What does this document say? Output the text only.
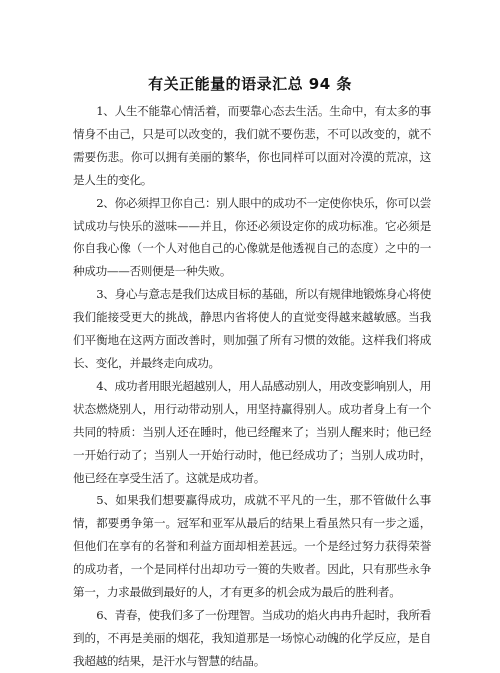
有关正能量的语录汇总 94 条

1、人生不能靠心情活着，而要靠心态去生活。生命中，有太多的事情身不由己，只是可以改变的，我们就不要伤悲，不可以改变的，就不需要伤悲。你可以拥有美丽的繁华，你也同样可以面对冷漠的荒凉，这是人生的变化。

2、你必须捍卫你自己：别人眼中的成功不一定使你快乐，你可以尝试成功与快乐的滋味——并且，你还必须设定你的成功标准。它必须是你自我心像（一个人对他自己的心像就是他透视自己的态度）之中的一种成功——否则便是一种失败。

3、身心与意志是我们达成目标的基础，所以有规律地锻炼身心将使我们能接受更大的挑战，静思内省将使人的直觉变得越来越敏感。当我们平衡地在这两方面改善时，则加强了所有习惯的效能。这样我们将成长、变化，并最终走向成功。

4、成功者用眼光超越别人，用人品感动别人，用改变影响别人，用状态燃烧别人，用行动带动别人，用坚持赢得别人。成功者身上有一个共同的特质：当别人还在睡时，他已经醒来了；当别人醒来时；他已经一开始行动了；当别人一开始行动时，他已经成功了；当别人成功时，他已经在享受生活了。这就是成功者。

5、如果我们想要赢得成功，成就不平凡的一生，那不管做什么事情，都要勇争第一。冠军和亚军从最后的结果上看虽然只有一步之遥，但他们在享有的名誉和利益方面却相差甚远。一个是经过努力获得荣誉的成功者，一个是同样付出却功亏一篑的失败者。因此，只有那些永争第一，力求最做到最好的人，才有更多的机会成为最后的胜利者。

6、青春，使我们多了一份理智。当成功的焰火冉冉升起时，我所看到的，不再是美丽的烟花，我知道那是一场惊心动魄的化学反应，是自我超越的结果，是汗水与智慧的结晶。
